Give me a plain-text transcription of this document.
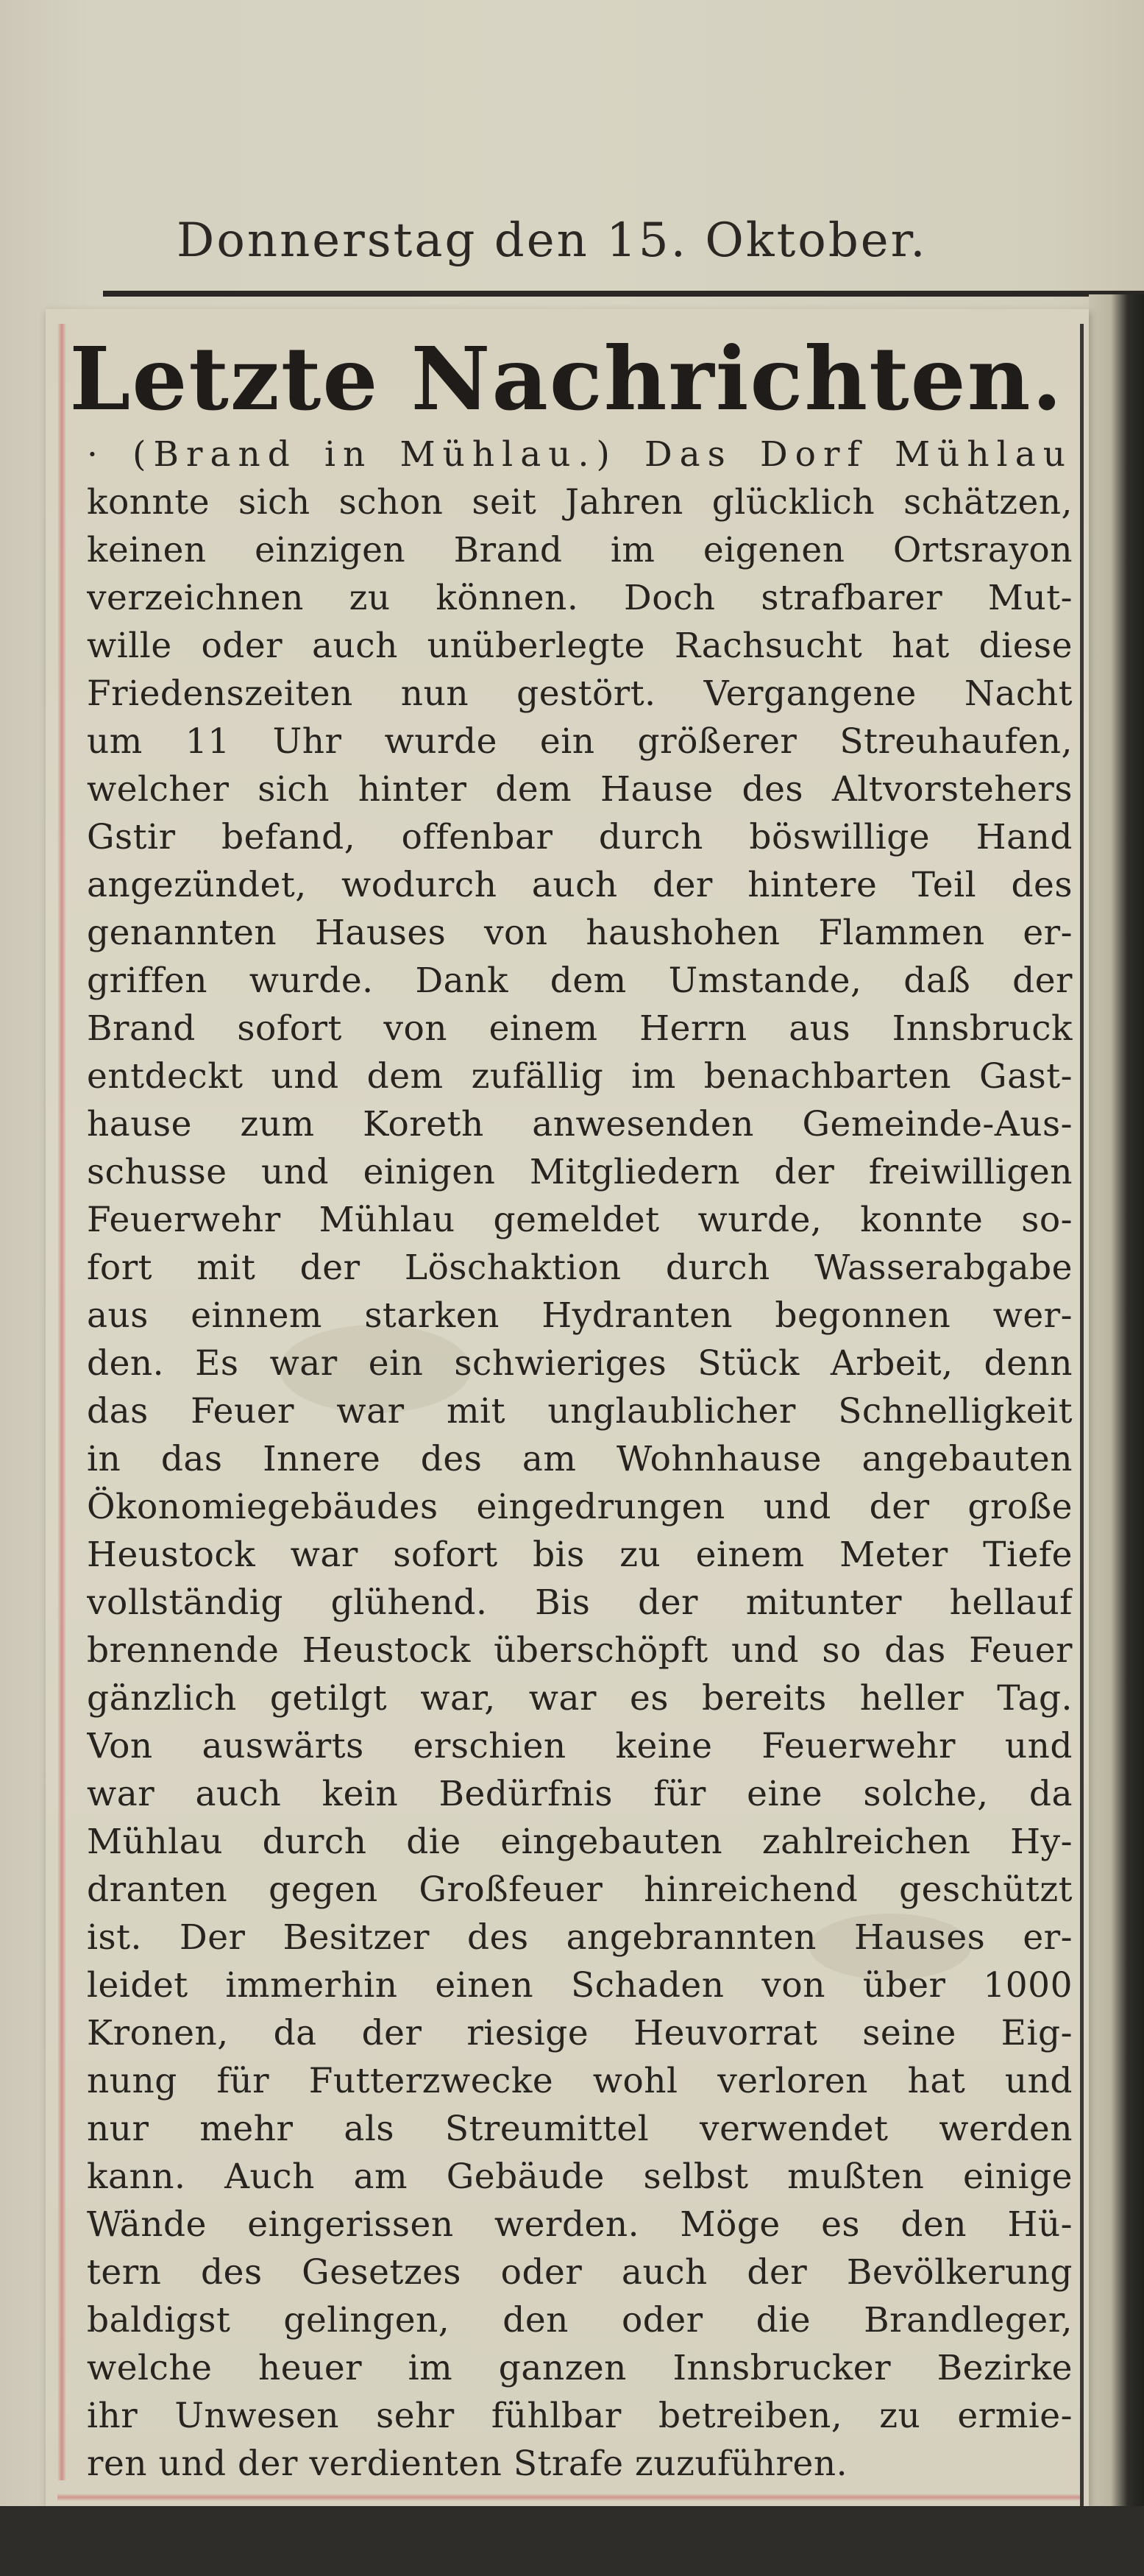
Donnerstag den 15. Oktober.
Letzte Nachrichten.
· (Brand in Mühlau.) Das Dorf Mühlau
konnte sich schon seit Jahren glücklich schätzen,
keinen einzigen Brand im eigenen Ortsrayon
verzeichnen zu können. Doch strafbarer Mut-
wille oder auch unüberlegte Rachsucht hat diese
Friedenszeiten nun gestört. Vergangene Nacht
um 11 Uhr wurde ein größerer Streuhaufen,
welcher sich hinter dem Hause des Altvorstehers
Gstir befand, offenbar durch böswillige Hand
angezündet, wodurch auch der hintere Teil des
genannten Hauses von haushohen Flammen er-
griffen wurde. Dank dem Umstande, daß der
Brand sofort von einem Herrn aus Innsbruck
entdeckt und dem zufällig im benachbarten Gast-
hause zum Koreth anwesenden Gemeinde-Aus-
schusse und einigen Mitgliedern der freiwilligen
Feuerwehr Mühlau gemeldet wurde, konnte so-
fort mit der Löschaktion durch Wasserabgabe
aus einnem starken Hydranten begonnen wer-
den. Es war ein schwieriges Stück Arbeit, denn
das Feuer war mit unglaublicher Schnelligkeit
in das Innere des am Wohnhause angebauten
Ökonomiegebäudes eingedrungen und der große
Heustock war sofort bis zu einem Meter Tiefe
vollständig glühend. Bis der mitunter hellauf
brennende Heustock überschöpft und so das Feuer
gänzlich getilgt war, war es bereits heller Tag.
Von auswärts erschien keine Feuerwehr und
war auch kein Bedürfnis für eine solche, da
Mühlau durch die eingebauten zahlreichen Hy-
dranten gegen Großfeuer hinreichend geschützt
ist. Der Besitzer des angebrannten Hauses er-
leidet immerhin einen Schaden von über 1000
Kronen, da der riesige Heuvorrat seine Eig-
nung für Futterzwecke wohl verloren hat und
nur mehr als Streumittel verwendet werden
kann. Auch am Gebäude selbst mußten einige
Wände eingerissen werden. Möge es den Hü-
tern des Gesetzes oder auch der Bevölkerung
baldigst gelingen, den oder die Brandleger,
welche heuer im ganzen Innsbrucker Bezirke
ihr Unwesen sehr fühlbar betreiben, zu ermie-
ren und der verdienten Strafe zuzuführen.
